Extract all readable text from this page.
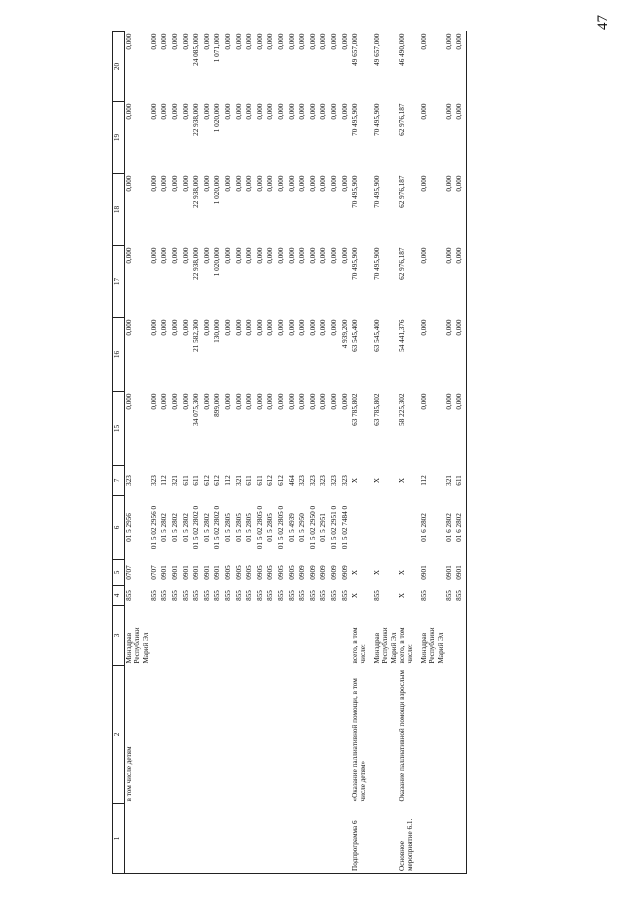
47
1	2	3	4	5	6	7	15	16	17	18	19	20
	в том числе детям	Минздрав Республики Марий Эл	855	0707	01 5 2956	323	0,000	0,000	0,000	0,000	0,000	0,000
			855	0707	01 5 02 2956 0	323	0,000	0,000	0,000	0,000	0,000	0,000
			855	0901	01 5 2802	112	0,000	0,000	0,000	0,000	0,000	0,000
			855	0901	01 5 2802	321	0,000	0,000	0,000	0,000	0,000	0,000
			855	0901	01 5 2802	611	0,000	0,000	0,000	0,000	0,000	0,000
			855	0901	01 5 02 2802 0	611	34 075,300	21 582,300	22 938,000	22 938,000	22 938,000	24 085,000
			855	0901	01 5 2802	612	0,000	0,000	0,000	0,000	0,000	0,000
			855	0901	01 5 02 2802 0	612	899,000	130,000	1 020,000	1 020,000	1 020,000	1 071,000
			855	0905	01 5 2805	112	0,000	0,000	0,000	0,000	0,000	0,000
			855	0905	01 5 2805	321	0,000	0,000	0,000	0,000	0,000	0,000
			855	0905	01 5 2805	611	0,000	0,000	0,000	0,000	0,000	0,000
			855	0905	01 5 02 2805 0	611	0,000	0,000	0,000	0,000	0,000	0,000
			855	0905	01 5 2805	612	0,000	0,000	0,000	0,000	0,000	0,000
			855	0905	01 5 02 2805 0	612	0,000	0,000	0,000	0,000	0,000	0,000
			855	0905	01 5 4939	464	0,000	0,000	0,000	0,000	0,000	0,000
			855	0909	01 5 2950	323	0,000	0,000	0,000	0,000	0,000	0,000
			855	0909	01 5 02 2950 0	323	0,000	0,000	0,000	0,000	0,000	0,000
			855	0909	01 5 2951	323	0,000	0,000	0,000	0,000	0,000	0,000
			855	0909	01 5 02 2951 0	323	0,000	0,000	0,000	0,000	0,000	0,000
			855	0909	01 5 02 7484 0	323	0,000	4 939,200	0,000	0,000	0,000	0,000
Подпрограмма 6	«Оказание паллиативной помощи, в том числе детям»	всего, в том числе:	X	X		X	63 785,802	63 545,400	70 495,900	70 495,900	70 495,900	49 657,000
		Минздрав Республики Марий Эл	855	X		X	63 785,802	63 545,400	70 495,900	70 495,900	70 495,900	49 657,000
Основное мероприятие 6.1.	Оказание паллиативной помощи взрослым	всего, в том числе:	X	X		X	58 225,302	54 441,376	62 976,187	62 976,187	62 976,187	46 490,000
		Минздрав Республики Марий Эл	855	0901	01 6 2802	112	0,000	0,000	0,000	0,000	0,000	0,000
			855	0901	01 6 2802	321	0,000	0,000	0,000	0,000	0,000	0,000
			855	0901	01 6 2802	611	0,000	0,000	0,000	0,000	0,000	0,000
